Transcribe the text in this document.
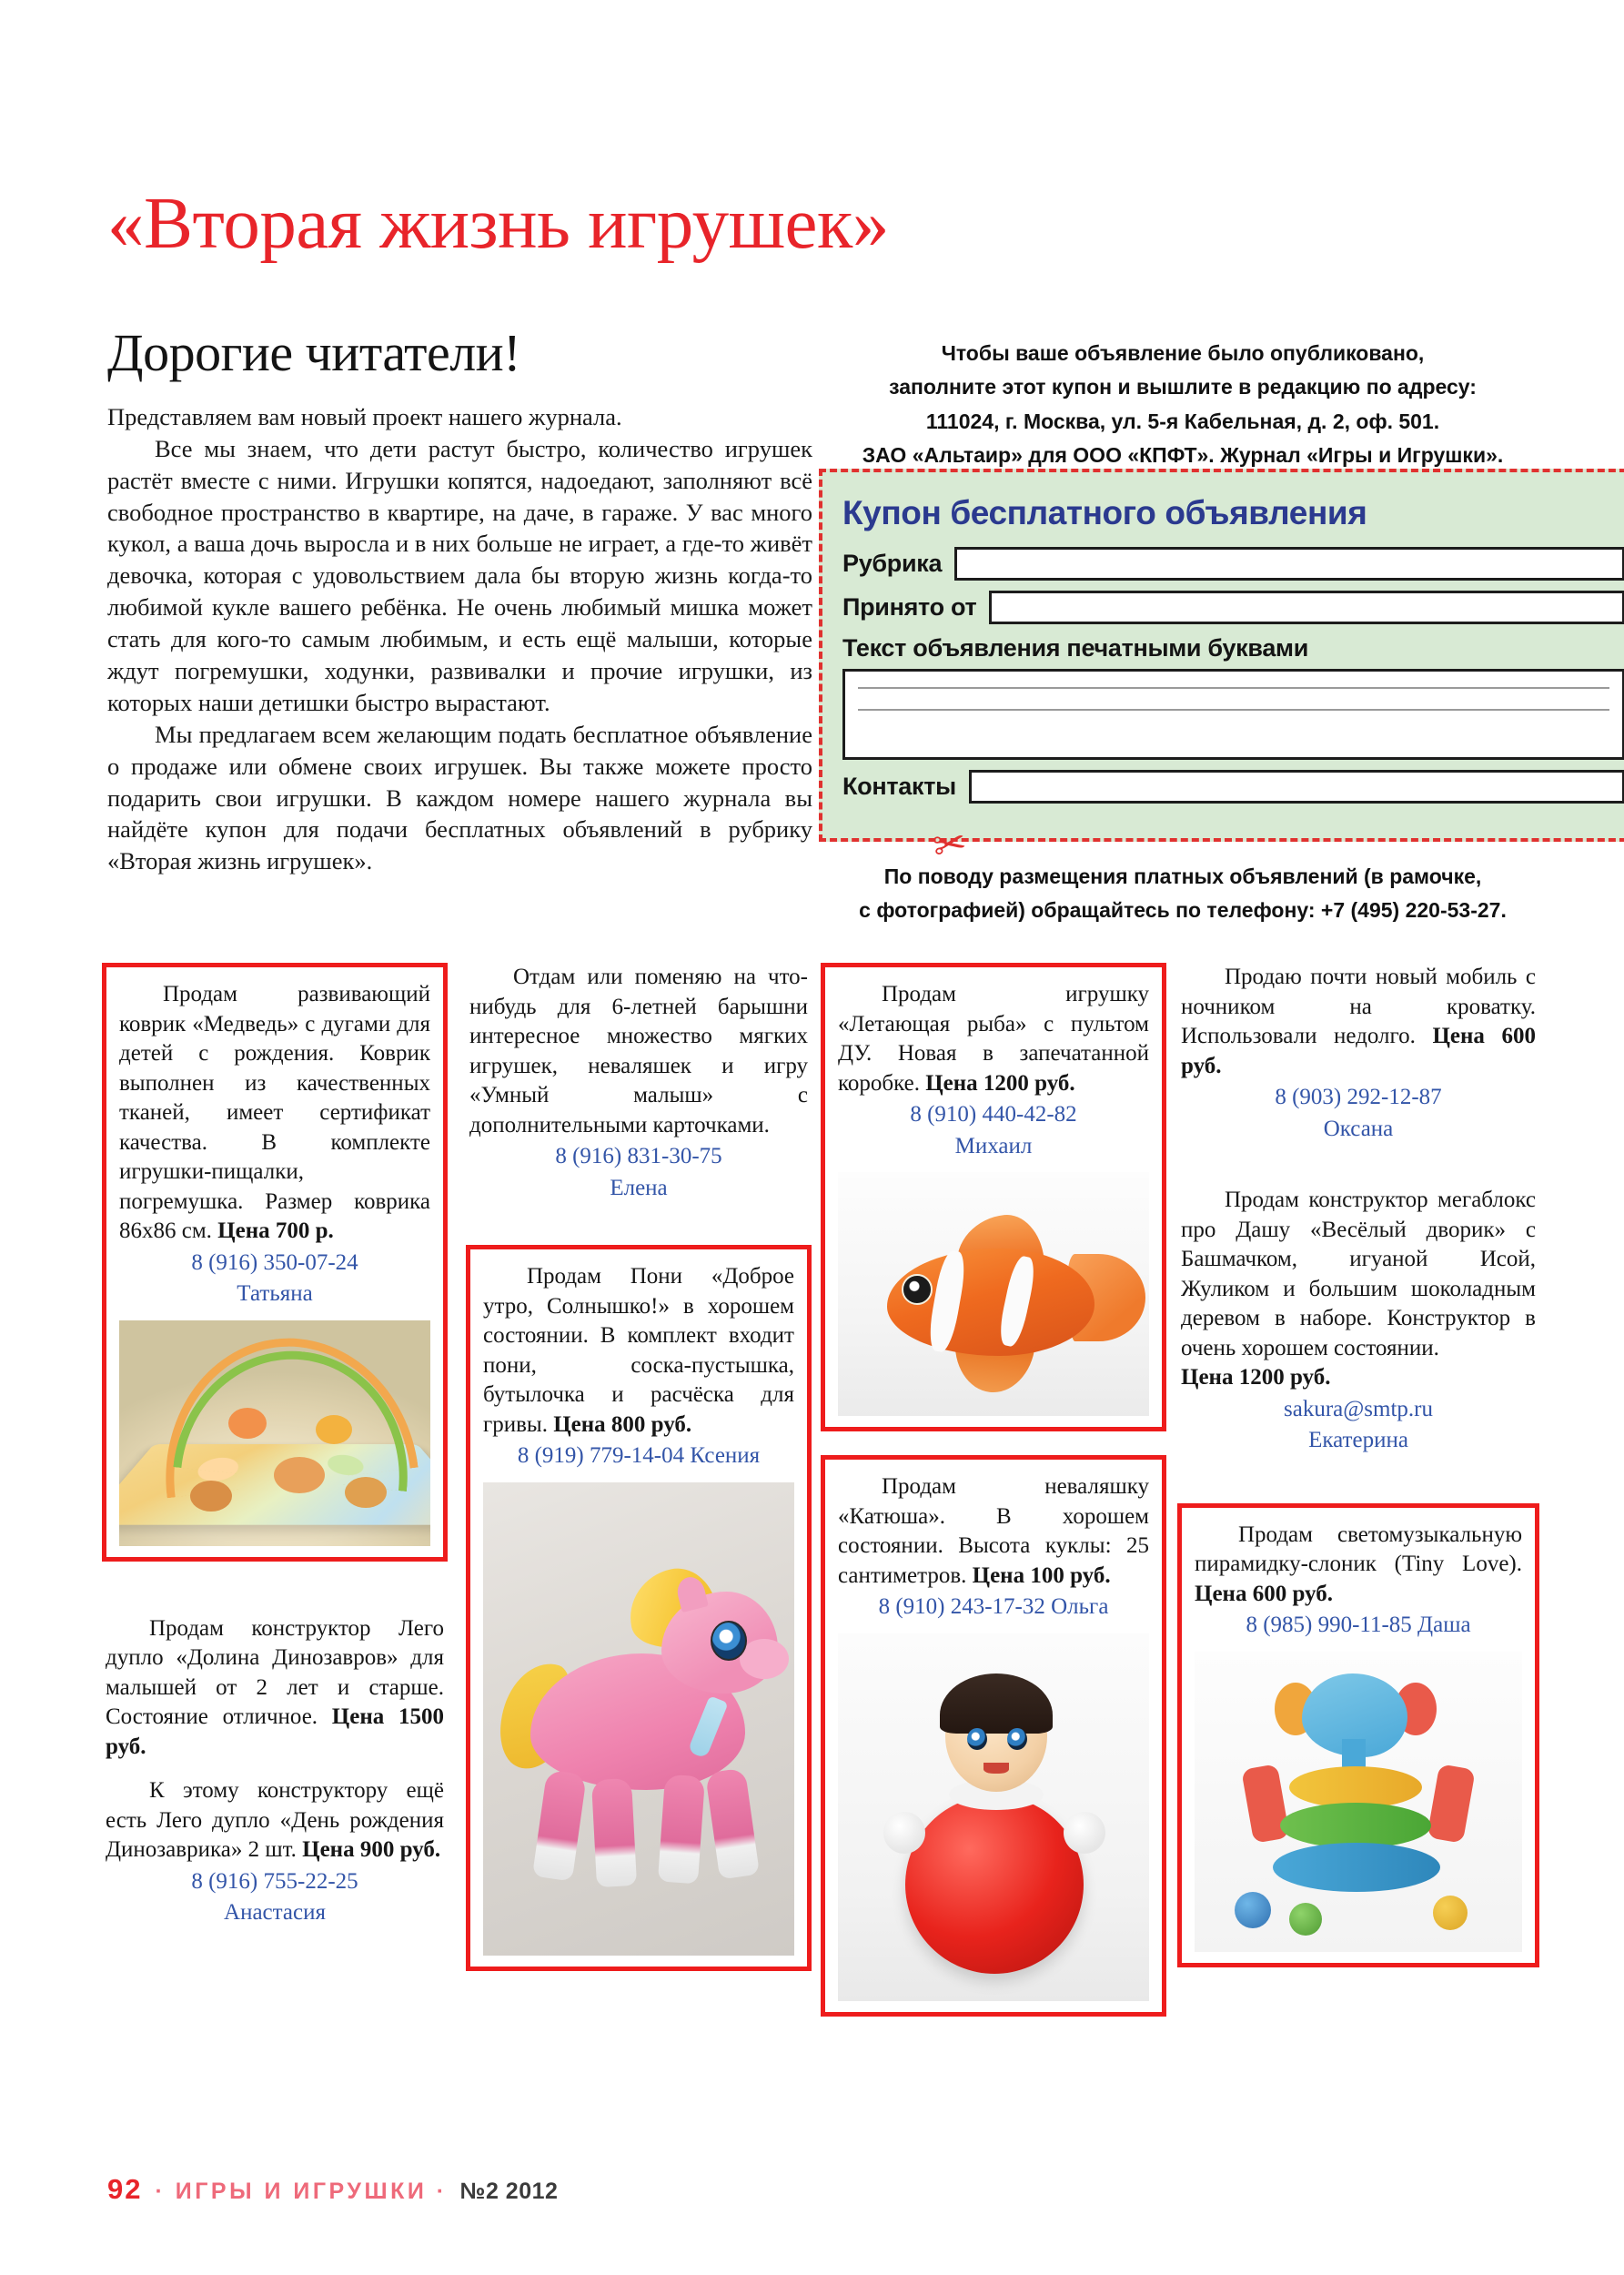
«Вторая жизнь игрушек»
Дорогие читатели!

Представляем вам новый проект нашего журнала.

Все мы знаем, что дети растут быстро, количество игрушек растёт вместе с ними. Игрушки копятся, надоедают, заполняют всё свободное пространство в квартире, на даче, в гараже. У вас много кукол, а ваша дочь выросла и в них больше не играет, а где-то живёт девочка, которая с удовольствием дала бы вторую жизнь когда-то любимой кукле вашего ребёнка. Не очень любимый мишка может стать для кого-то самым любимым, и есть ещё малыши, которые ждут погремушки, ходунки, развивалки и прочие игрушки, из которых наши детишки быстро вырастают.

Мы предлагаем всем желающим подать бесплатное объявление о продаже или обмене своих игрушек. Вы также можете просто подарить свои игрушки. В каждом номере нашего журнала вы найдёте купон для подачи бесплатных объявлений в рубрику «Вторая жизнь игрушек».

Чтобы ваше объявление было опубликовано,
заполните этот купон и вышлите в редакцию по адресу:
111024, г. Москва, ул. 5-я Кабельная, д. 2, оф. 501.
ЗАО «Альтаир» для ООО «КПФТ». Журнал «Игры и Игрушки».
Купон бесплатного объявления
Рубрика
Принято от
Текст объявления печатными буквами
Контакты
✂
По поводу размещения платных объявлений (в рамочке,
с фотографией) обращайтесь по телефону: +7 (495) 220-53-27.

Продам развивающий коврик «Медведь» с дугами для детей с рождения. Коврик выполнен из качественных тканей, имеет сертификат качества. В комплекте игрушки-пищалки, погремушка. Размер коврика 86х86 см. Цена 700 р.

8 (916) 350-07-24

Татьяна

Продам конструктор Лего дупло «Долина Динозавров» для малышей от 2 лет и старше. Состояние отличное. Цена 1500 руб.

К этому конструктору ещё есть Лего дупло «День рождения Динозаврика» 2 шт. Цена 900 руб.

8 (916) 755-22-25

Анастасия

Отдам или поменяю на что-нибудь для 6-летней барышни интересное множество мягких игрушек, неваляшек и игру «Умный малыш» с дополнительными карточками.

8 (916) 831-30-75

Елена

Продам Пони «Доброе утро, Солнышко!» в хорошем состоянии. В комплект входит пони, соска-пустышка, бутылочка и расчёска для гривы. Цена 800 руб.

8 (919) 779-14-04 Ксения

Продам игрушку «Летающая рыба» с пультом ДУ. Новая в запечатанной коробке. Цена 1200 руб.

8 (910) 440-42-82

Михаил

Продам неваляшку «Катюша». В хорошем состоянии. Высота куклы: 25 сантиметров. Цена 100 руб.

8 (910) 243-17-32 Ольга

Продаю почти новый мобиль с ночником на кроватку. Использовали недолго. Цена 600 руб.

8 (903) 292-12-87

Оксана

Продам конструктор мегаблокс про Дашу «Весёлый дворик» с Башмачком, игуаной Исой, Жуликом и большим шоколадным деревом в наборе. Конструктор в очень хорошем состоянии.

Цена 1200 руб.

sakura@smtp.ru

Екатерина

Продам светомузыкальную пирамидку-слоник (Tiny Love). Цена 600 руб.

8 (985) 990-11-85 Даша

92 · ИГРЫ И ИГРУШКИ · №2 2012
